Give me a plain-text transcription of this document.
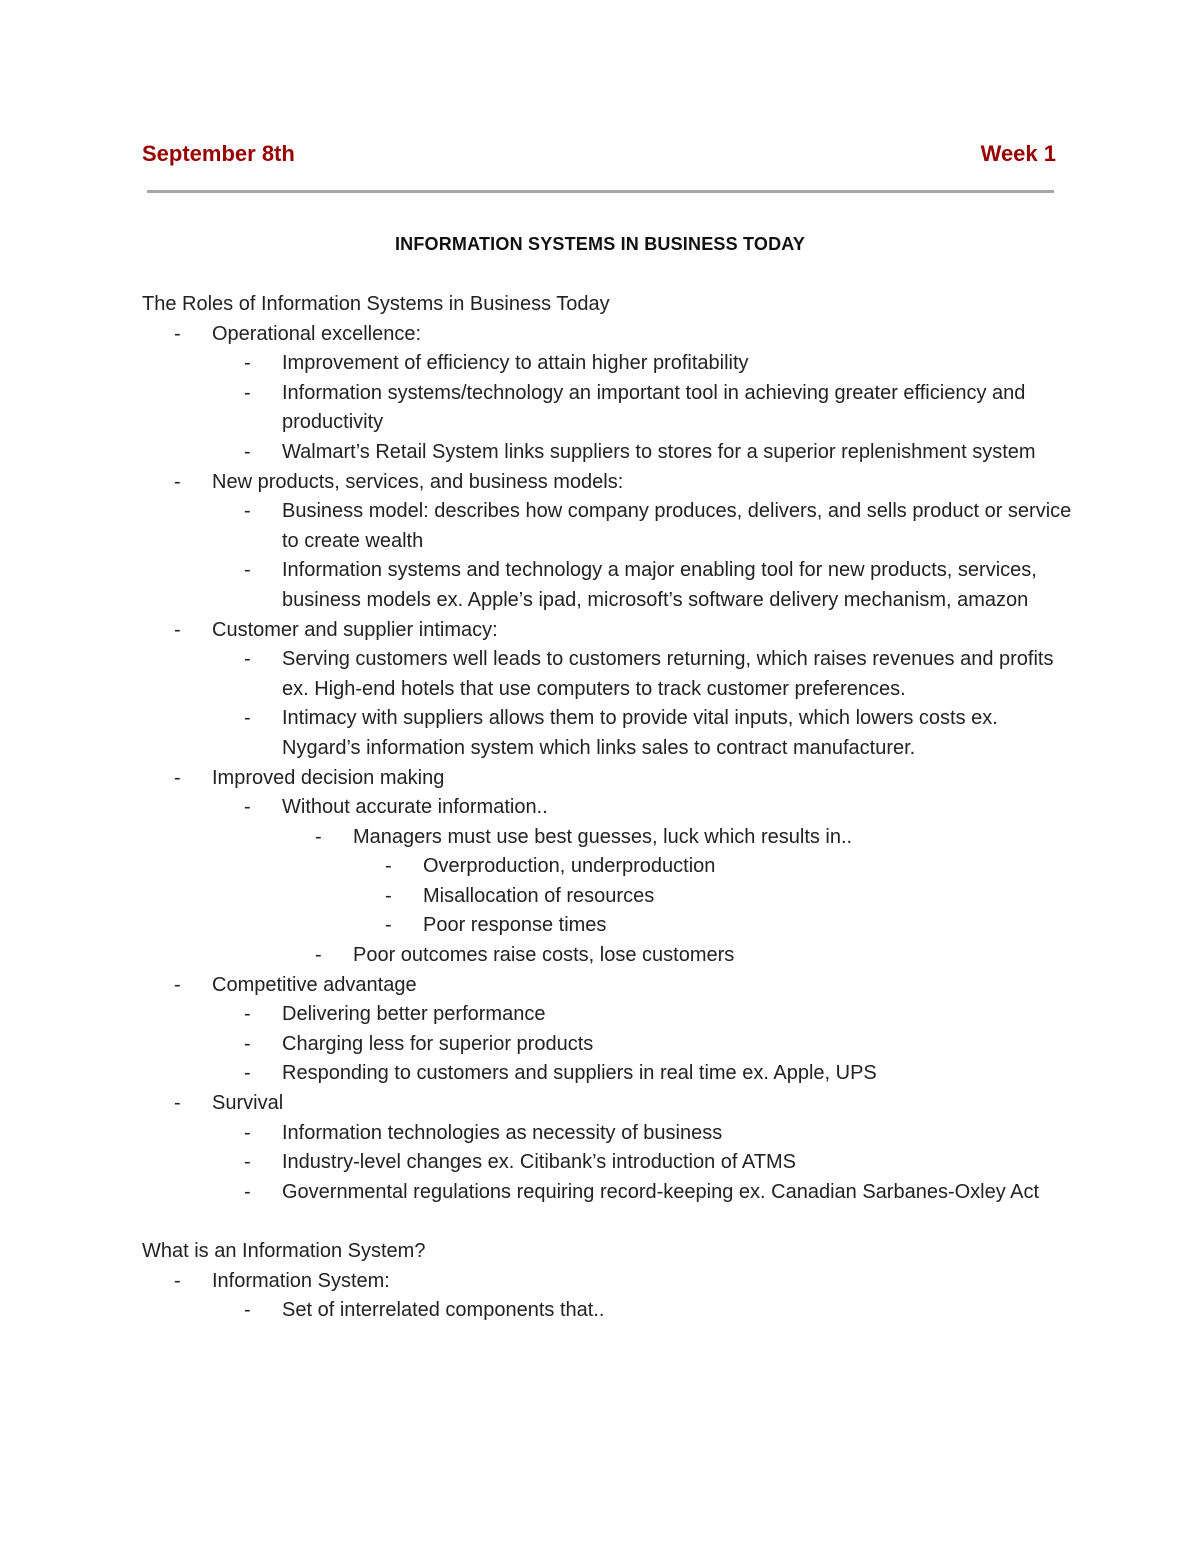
September 8th	Week 1
INFORMATION SYSTEMS IN BUSINESS TODAY
The Roles of Information Systems in Business Today
- Operational excellence:
- Improvement of efficiency to attain higher profitability
- Information systems/technology an important tool in achieving greater efficiency and productivity
- Walmart’s Retail System links suppliers to stores for a superior replenishment system
- New products, services, and business models:
- Business model: describes how company produces, delivers, and sells product or service to create wealth
- Information systems and technology a major enabling tool for new products, services, business models ex. Apple’s ipad, microsoft’s software delivery mechanism, amazon
- Customer and supplier intimacy:
- Serving customers well leads to customers returning, which raises revenues and profits ex. High-end hotels that use computers to track customer preferences.
- Intimacy with suppliers allows them to provide vital inputs, which lowers costs ex. Nygard’s information system which links sales to contract manufacturer.
- Improved decision making
- Without accurate information..
- Managers must use best guesses, luck which results in..
- Overproduction, underproduction
- Misallocation of resources
- Poor response times
- Poor outcomes raise costs, lose customers
- Competitive advantage
- Delivering better performance
- Charging less for superior products
- Responding to customers and suppliers in real time ex. Apple, UPS
- Survival
- Information technologies as necessity of business
- Industry-level changes ex. Citibank’s introduction of ATMS
- Governmental regulations requiring record-keeping ex. Canadian Sarbanes-Oxley Act
What is an Information System?
- Information System:
- Set of interrelated components that..
